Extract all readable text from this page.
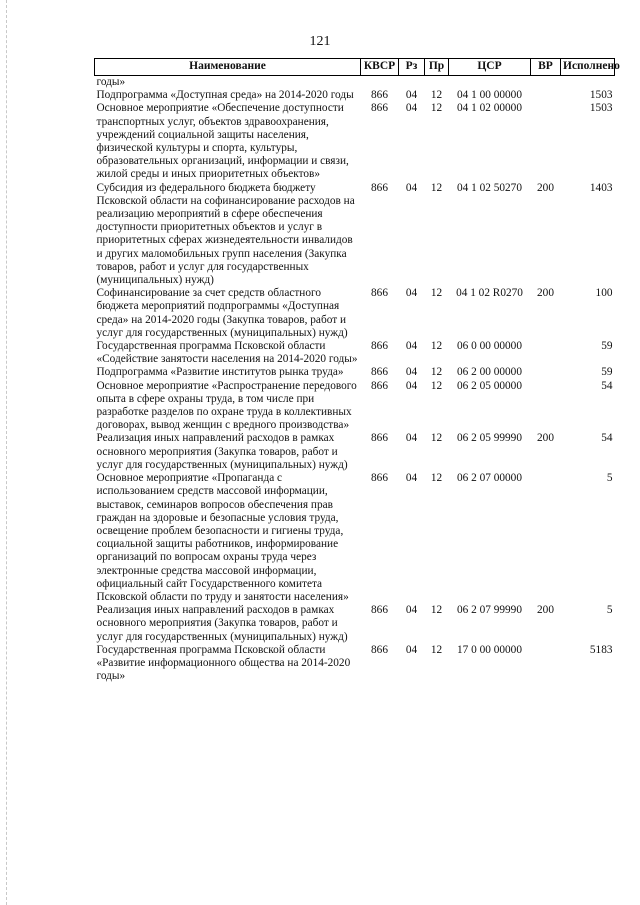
121
Наименование	КВСР	Рз	Пр	ЦСР	ВР	Исполнено
годы»						
Подпрограмма «Доступная среда» на 2014-2020 годы	866	04	12	04 1 00 00000		1503
Основное мероприятие «Обеспечение доступности транспортных услуг, объектов здравоохранения, учреждений социальной защиты населения, физической культуры и спорта, культуры, образовательных организаций, информации и связи, жилой среды и иных приоритетных объектов»	866	04	12	04 1 02 00000		1503
Субсидия из федерального бюджета бюджету Псковской области на софинансирование расходов на реализацию мероприятий в сфере обеспечения доступности приоритетных объектов и услуг в приоритетных сферах жизнедеятельности инвалидов и других маломобильных групп населения (Закупка товаров, работ и услуг для государственных (муниципальных) нужд)	866	04	12	04 1 02 50270	200	1403
Софинансирование за счет средств областного бюджета мероприятий подпрограммы «Доступная среда» на 2014-2020 годы (Закупка товаров, работ и услуг для государственных (муниципальных) нужд)	866	04	12	04 1 02 R0270	200	100
Государственная программа Псковской области «Содействие занятости населения на 2014-2020 годы»	866	04	12	06 0 00 00000		59
Подпрограмма «Развитие институтов рынка труда»	866	04	12	06 2 00 00000		59
Основное мероприятие «Распространение передового опыта в сфере охраны труда, в том числе при разработке разделов по охране труда в коллективных договорах, вывод женщин с вредного производства»	866	04	12	06 2 05 00000		54
Реализация иных направлений расходов в рамках основного мероприятия (Закупка товаров, работ и услуг для государственных (муниципальных) нужд)	866	04	12	06 2 05 99990	200	54
Основное мероприятие «Пропаганда с использованием средств массовой информации, выставок, семинаров вопросов обеспечения прав граждан на здоровые и безопасные условия труда, освещение проблем безопасности и гигиены труда, социальной защиты работников, информирование организаций по вопросам охраны труда через электронные средства массовой информации, официальный сайт Государственного комитета Псковской области по труду и занятости населения»	866	04	12	06 2 07 00000		5
Реализация иных направлений расходов в рамках основного мероприятия (Закупка товаров, работ и услуг для государственных (муниципальных) нужд)	866	04	12	06 2 07 99990	200	5
Государственная программа Псковской области «Развитие информационного общества на 2014-2020 годы»	866	04	12	17 0 00 00000		5183
